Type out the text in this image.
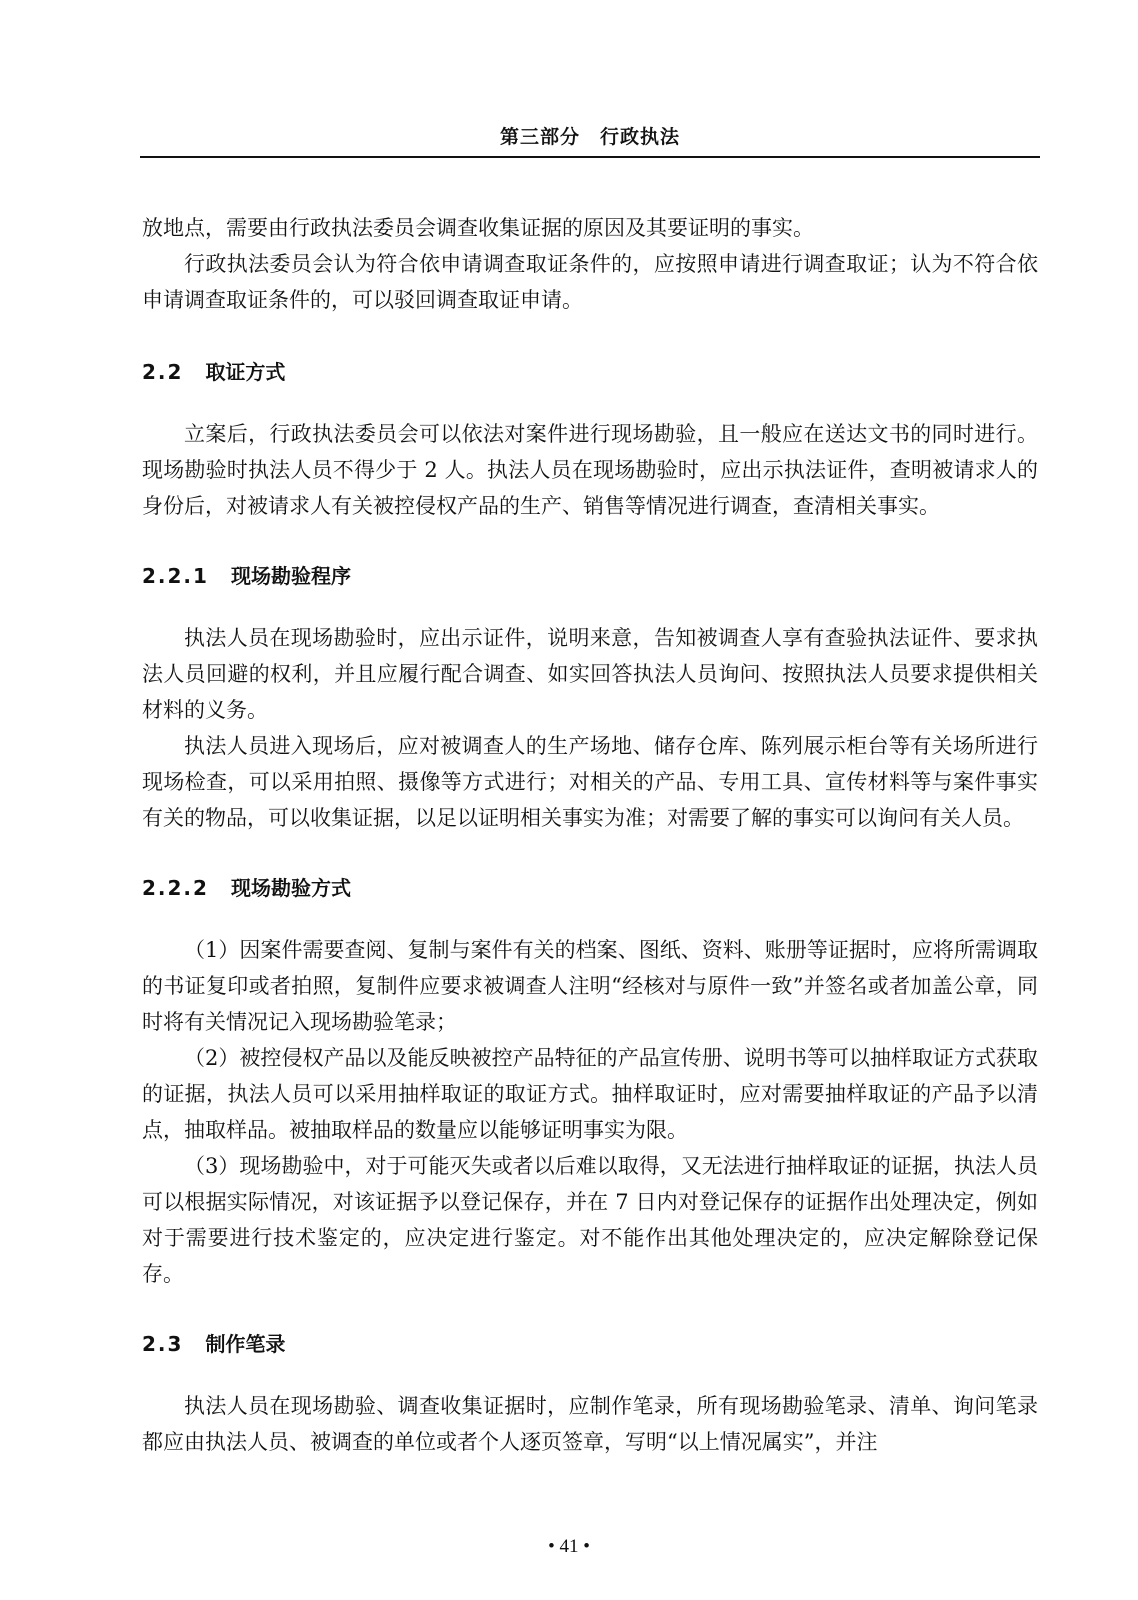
第三部分　行政执法

放地点，需要由行政执法委员会调查收集证据的原因及其要证明的事实。

行政执法委员会认为符合依申请调查取证条件的，应按照申请进行调查取证；认为不符合依申请调查取证条件的，可以驳回调查取证申请。

2.2 取证方式

立案后，行政执法委员会可以依法对案件进行现场勘验，且一般应在送达文书的同时进行。现场勘验时执法人员不得少于 2 人。执法人员在现场勘验时，应出示执法证件，查明被请求人的身份后，对被请求人有关被控侵权产品的生产、销售等情况进行调查，查清相关事实。

2.2.1 现场勘验程序

执法人员在现场勘验时，应出示证件，说明来意，告知被调查人享有查验执法证件、要求执法人员回避的权利，并且应履行配合调查、如实回答执法人员询问、按照执法人员要求提供相关材料的义务。

执法人员进入现场后，应对被调查人的生产场地、储存仓库、陈列展示柜台等有关场所进行现场检查，可以采用拍照、摄像等方式进行；对相关的产品、专用工具、宣传材料等与案件事实有关的物品，可以收集证据，以足以证明相关事实为准；对需要了解的事实可以询问有关人员。

2.2.2 现场勘验方式

（1）因案件需要查阅、复制与案件有关的档案、图纸、资料、账册等证据时，应将所需调取的书证复印或者拍照，复制件应要求被调查人注明“经核对与原件一致”并签名或者加盖公章，同时将有关情况记入现场勘验笔录；

（2）被控侵权产品以及能反映被控产品特征的产品宣传册、说明书等可以抽样取证方式获取的证据，执法人员可以采用抽样取证的取证方式。抽样取证时，应对需要抽样取证的产品予以清点，抽取样品。被抽取样品的数量应以能够证明事实为限。

（3）现场勘验中，对于可能灭失或者以后难以取得，又无法进行抽样取证的证据，执法人员可以根据实际情况，对该证据予以登记保存，并在 7 日内对登记保存的证据作出处理决定，例如对于需要进行技术鉴定的，应决定进行鉴定。对不能作出其他处理决定的，应决定解除登记保存。

2.3 制作笔录

执法人员在现场勘验、调查收集证据时，应制作笔录，所有现场勘验笔录、清单、询问笔录都应由执法人员、被调查的单位或者个人逐页签章，写明“以上情况属实”，并注

• 41 •
